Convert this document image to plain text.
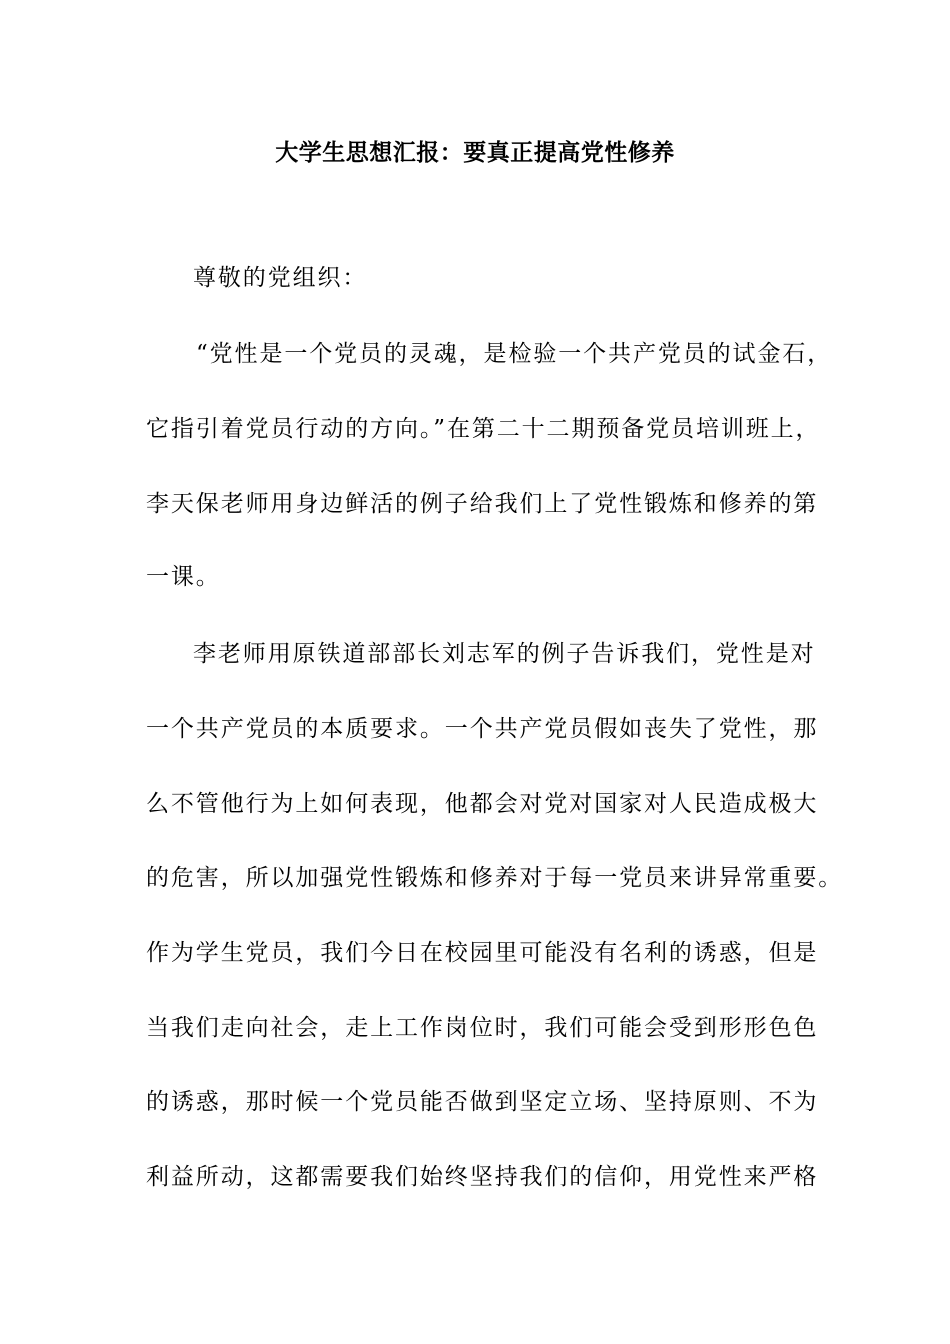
大学生思想汇报：要真正提高党性修养
尊敬的党组织：
“党性是一个党员的灵魂，是检验一个共产党员的试金石，
它指引着党员行动的方向。”在第二十二期预备党员培训班上，
李天保老师用身边鲜活的例子给我们上了党性锻炼和修养的第
一课。
李老师用原铁道部部长刘志军的例子告诉我们，党性是对
一个共产党员的本质要求。一个共产党员假如丧失了党性，那
么不管他行为上如何表现，他都会对党对国家对人民造成极大
的危害，所以加强党性锻炼和修养对于每一党员来讲异常重要。
作为学生党员，我们今日在校园里可能没有名利的诱惑，但是
当我们走向社会，走上工作岗位时，我们可能会受到形形色色
的诱惑，那时候一个党员能否做到坚定立场、坚持原则、不为
利益所动，这都需要我们始终坚持我们的信仰，用党性来严格
